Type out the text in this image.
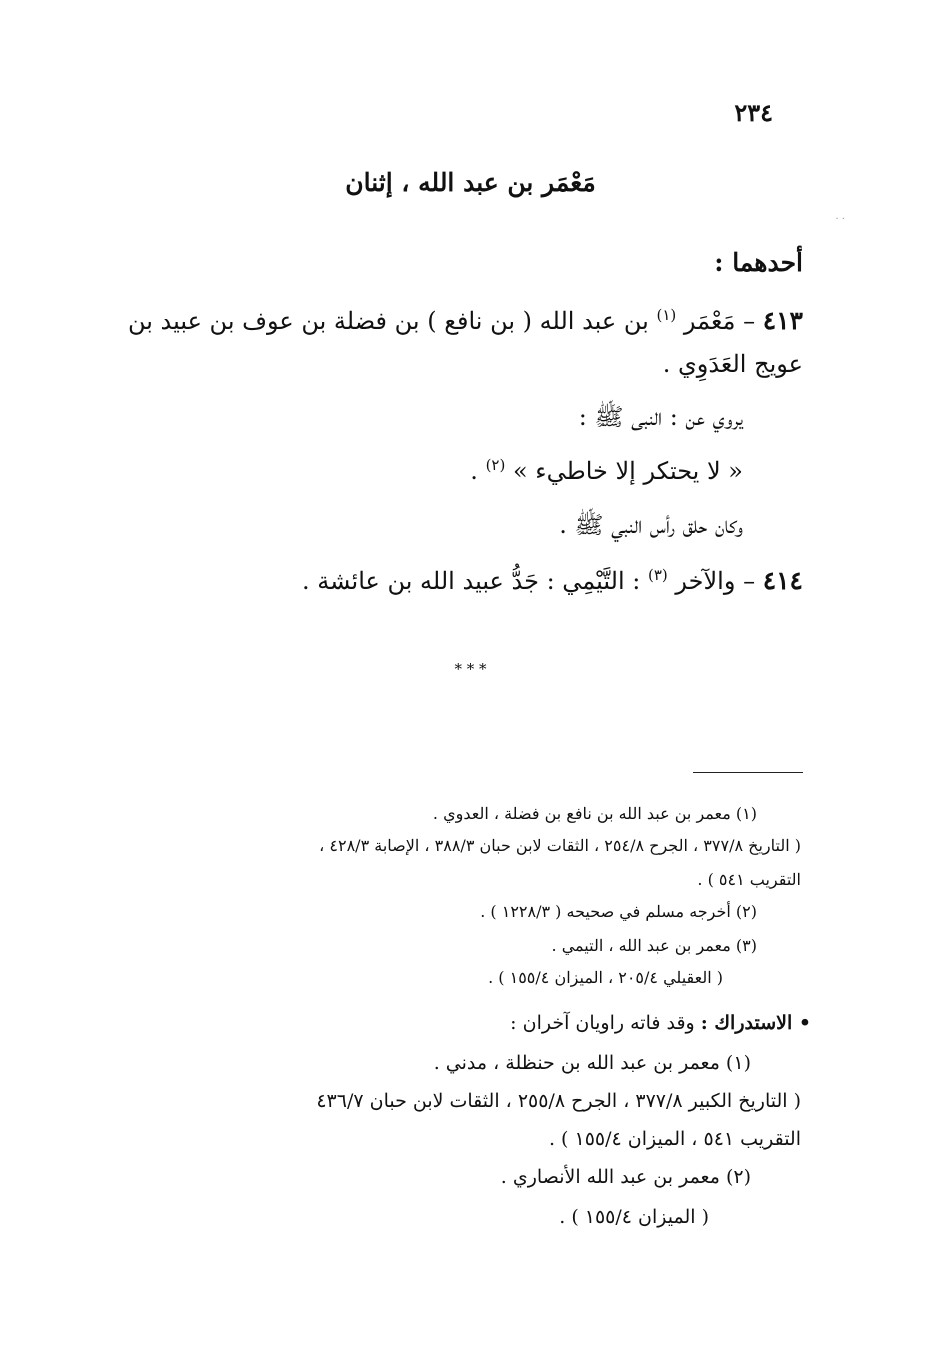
٢٣٤
مَعْمَر بن عبد الله ، إثنان
· ·
أحدهما :
٤١٣ – مَعْمَر $^{(١)}$ بن عبد الله ( بن نافع ) بن فضلة بن عوف بن عبيد بن
عويج العَدَوِي .
يروي عن : النبى ﷺ :
« لا يحتكر إلا خاطيء » $^{(٢)}$ .
وكان حلق رأس النبي ﷺ .
٤١٤ – والآخر $^{(٣)}$ : التَّيْمِي : جَدُّ عبيد الله بن عائشة .
* * *
(١) معمر بن عبد الله بن نافع بن فضلة ، العدوي .
( التاريخ ٣٧٧/٨ ، الجرح ٢٥٤/٨ ، الثقات لابن حبان ٣٨٨/٣ ، الإصابة ٤٢٨/٣ ،
التقريب ٥٤١ ) .
(٢) أخرجه مسلم في صحيحه ( ١٢٢٨/٣ ) .
(٣) معمر بن عبد الله ، التيمي .
( العقيلي ٢٠٥/٤ ، الميزان ١٥٥/٤ ) .
• الاستدراك : وقد فاته راويان آخران :
(١) معمر بن عبد الله بن حنظلة ، مدني .
( التاريخ الكبير ٣٧٧/٨ ، الجرح ٢٥٥/٨ ، الثقات لابن حبان ٤٣٦/٧
التقريب ٥٤١ ، الميزان ١٥٥/٤ ) .
(٢) معمر بن عبد الله الأنصاري .
( الميزان ١٥٥/٤ ) .
